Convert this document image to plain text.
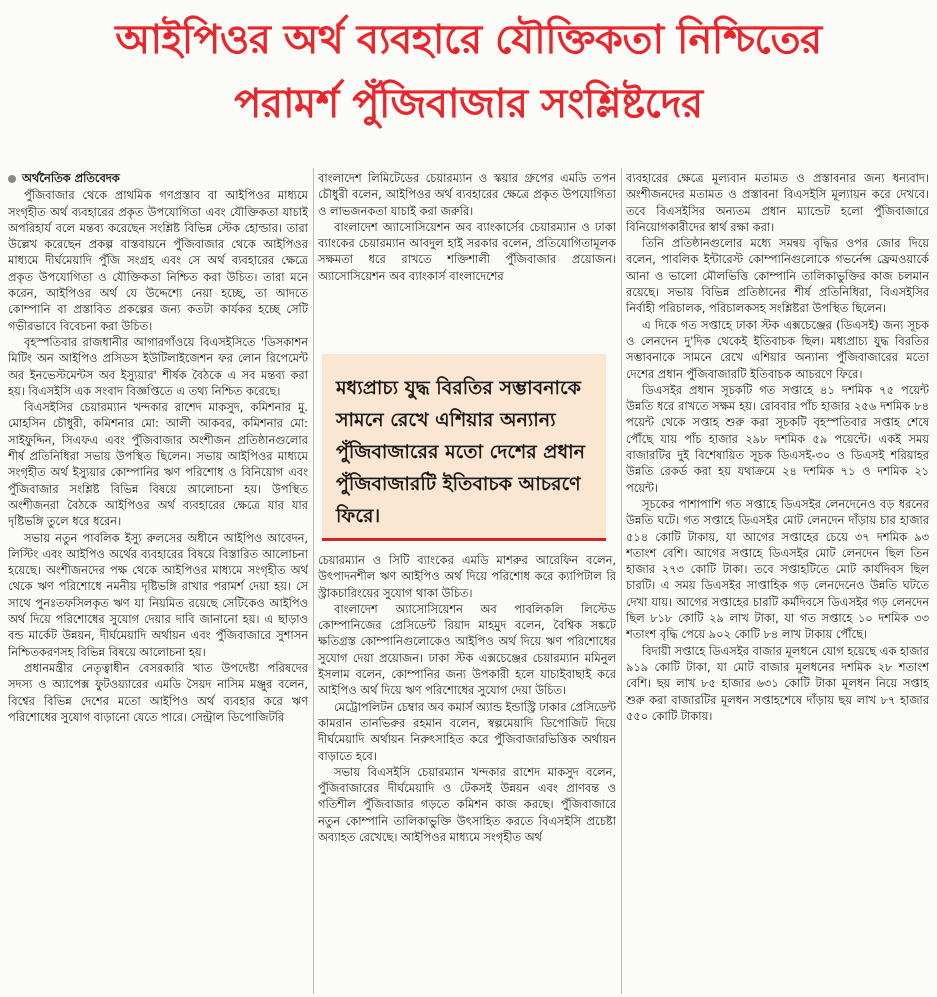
আইপিওর অর্থ ব্যবহারে যৌক্তিকতা নিশ্চিতের
পরামর্শ পুঁজিবাজার সংশ্লিষ্টদের
অর্থনৈতিক প্রতিবেদক

পুঁজিবাজার থেকে প্রাথমিক গণপ্রস্তাব বা আইপিওর মাধ্যমে সংগৃহীত অর্থ ব্যবহারের প্রকৃত উপযোগিতা এবং যৌক্তিকতা যাচাই অপরিহার্য বলে মন্তব্য করেছেন সংশ্লিষ্ট বিভিন্ন স্টেক হোল্ডার। তারা উল্লেখ করেছেন প্রকল্প বাস্তবায়নে পুঁজিবাজার থেকে আইপিওর মাধ্যমে দীর্ঘমেয়াদি পুঁজি সংগ্রহ এবং সে অর্থ ব্যবহারের ক্ষেত্রে প্রকৃত উপযোগিতা ও যৌক্তিকতা নিশ্চিত করা উচিত। তারা মনে করেন, আইপিওর অর্থ যে উদ্দেশ্যে নেয়া হচ্ছে, তা আদতে কোম্পানি বা প্রস্তাবিত প্রকল্পের জন্য কতটা কার্যকর হচ্ছে সেটি গভীরভাবে বিবেচনা করা উচিত।

বৃহস্পতিবার রাজধানীর আগারগাঁওয়ে বিএসইসিতে 'ডিসকাশন মিটিং অন আইপিও প্রসিডস ইউটিলাইজেশন ফর লোন রিপেমেন্ট অর ইনভেস্টমেন্টস অব ইস্যুয়ার' শীর্ষক বৈঠকে এ সব মন্তব্য করা হয়। বিএসইসি এক সংবাদ বিজ্ঞপ্তিতে এ তথ্য নিশ্চিত করেছে।

বিএসইসির চেয়ারম্যান খন্দকার রাশেদ মাকসুদ, কমিশনার মু. মোহসিন চৌধুরী, কমিশনার মো: আলী আকবর, কমিশনার মো: সাইফুদ্দিন, সিএফএ এবং পুঁজিবাজার অংশীজন প্রতিষ্ঠানগুলোর শীর্ষ প্রতিনিধিরা সভায় উপস্থিত ছিলেন। সভায় আইপিওর মাধ্যমে সংগৃহীত অর্থ ইস্যুয়ার কোম্পানির ঋণ পরিশোধ ও বিনিয়োগ এবং পুঁজিবাজার সংশ্লিষ্ট বিভিন্ন বিষয়ে আলোচনা হয়। উপস্থিত অংশীজনরা বৈঠকে আইপিওর অর্থ ব্যবহারের ক্ষেত্রে যার যার দৃষ্টিভঙ্গি তুলে ধরে ধরেন।

সভায় নতুন পাবলিক ইস্যু রুলসের অধীনে আইপিও আবেদন, লিস্টিং এবং আইপিও অর্থের ব্যবহারের বিষয়ে বিস্তারিত আলোচনা হয়েছে। অংশীজনদের পক্ষ থেকে আইপিওর মাধ্যমে সংগৃহীত অর্থ থেকে ঋণ পরিশোধে নমনীয় দৃষ্টিভঙ্গি রাখার পরামর্শ দেয়া হয়। সে সাথে পুনঃতফসিলকৃত ঋণ যা নিয়মিত রয়েছে সেটিকেও আইপিও অর্থ দিয়ে পরিশোধের সুযোগ দেয়ার দাবি জানানো হয়। এ ছাড়াও বন্ড মার্কেট উন্নয়ন, দীর্ঘমেয়াদি অর্থায়ন এবং পুঁজিবাজারে সুশাসন নিশ্চিতকরণসহ বিভিন্ন বিষয়ে আলোচনা হয়।

প্রধানমন্ত্রীর নেতৃত্বাধীন বেসরকারি খাত উপদেষ্টা পরিষদের সদস্য ও অ্যাপেক্স ফুটওয়্যারের এমডি সৈয়দ নাসিম মঞ্জুর বলেন, বিশ্বের বিভিন্ন দেশের মতো আইপিও অর্থ ব্যবহার করে ঋণ পরিশোধের সুযোগ বাড়ানো যেতে পারে। সেন্ট্রাল ডিপোজিটরি

বাংলাদেশ লিমিটেডের চেয়ারম্যান ও স্কয়ার গ্রুপের এমডি তপন চৌধুরী বলেন, আইপিওর অর্থ ব্যবহারের ক্ষেত্রে প্রকৃত উপযোগিতা ও লাভজনকতা যাচাই করা জরুরি।

বাংলাদেশ অ্যাসোসিয়েশন অব ব্যাংকার্সের চেয়ারম্যান ও ঢাকা ব্যাংকের চেয়ারম্যান আবদুল হাই সরকার বলেন, প্রতিযোগিতামূলক সক্ষমতা ধরে রাখতে শক্তিশালী পুঁজিবাজার প্রয়োজন। অ্যাসোসিয়েশন অব ব্যাংকার্স বাংলাদেশের

মধ্যপ্রাচ্য যুদ্ধ বিরতির সম্ভাবনাকে সামনে রেখে এশিয়ার অন্যান্য পুঁজিবাজারের মতো দেশের প্রধান পুঁজিবাজারটি ইতিবাচক আচরণে ফিরে।

চেয়ারম্যান ও সিটি ব্যাংকের এমডি মাশরুর আরেফিন বলেন, উৎপাদনশীল ঋণ আইপিও অর্থ দিয়ে পরিশোধ করে ক্যাপিটাল রি স্ট্রাকচারিংয়ের সুযোগ থাকা উচিত।

বাংলাদেশ অ্যাসোসিয়েশন অব পাবলিকলি লিস্টেড কোম্পানিজের প্রেসিডেন্ট রিয়াদ মাহমুদ বলেন, বৈশ্বিক সঙ্কটে ক্ষতিগ্রস্ত কোম্পানিগুলোকেও আইপিও অর্থ দিয়ে ঋণ পরিশোধের সুযোগ দেয়া প্রয়োজন। ঢাকা স্টক এক্সচেঞ্জের চেয়ারম্যান মমিনুল ইসলাম বলেন, কোম্পানির জন্য উপকারী হলে যাচাইবাছাই করে আইপিও অর্থ দিয়ে ঋণ পরিশোধের সুযোগ দেয়া উচিত।

মেট্রোপলিটন চেম্বার অব কমার্স অ্যান্ড ইন্ডাস্ট্রি ঢাকার প্রেসিডেন্ট কামরান তানভিরুর রহমান বলেন, স্বল্পমেয়াদি ডিপোজিট দিয়ে দীর্ঘমেয়াদি অর্থায়ন নিরুৎসাহিত করে পুঁজিবাজারভিত্তিক অর্থায়ন বাড়াতে হবে।

সভায় বিএসইসি চেয়ারম্যান খন্দকার রাশেদ মাকসুদ বলেন, পুঁজিবাজারের দীর্ঘমেয়াদি ও টেকসই উন্নয়ন এবং প্রাণবন্ত ও গতিশীল পুঁজিবাজার গড়তে কমিশন কাজ করছে। পুঁজিবাজারে নতুন কোম্পানি তালিকাভুক্তি উৎসাহিত করতে বিএসইসি প্রচেষ্টা অব্যাহত রেখেছে। আইপিওর মাধ্যমে সংগৃহীত অর্থ

ব্যবহারের ক্ষেত্রে মূল্যবান মতামত ও প্রস্তাবনার জন্য ধন্যবাদ। অংশীজনদের মতামত ও প্রস্তাবনা বিএসইসি মূল্যায়ন করে দেখবে। তবে বিএসইসির অন্যতম প্রধান ম্যান্ডেট হলো পুঁজিবাজারে বিনিয়োগকারীদের স্বার্থ রক্ষা করা।

তিনি প্রতিষ্ঠানগুলোর মধ্যে সমন্বয় বৃদ্ধির ওপর জোর দিয়ে বলেন, পাবলিক ইন্টারেস্ট কোম্পানিগুলোকে গভর্নেন্স ফ্রেমওয়ার্কে আনা ও ভালো মৌলভিত্তি কোম্পানি তালিকাভুক্তির কাজ চলমান রয়েছে। সভায় বিভিন্ন প্রতিষ্ঠানের শীর্ষ প্রতিনিধিরা, বিএসইসির নির্বাহী পরিচালক, পরিচালকসহ সংশ্লিষ্টরা উপস্থিত ছিলেন।

এ দিকে গত সপ্তাহে ঢাকা স্টক এক্সচেঞ্জের (ডিএসই) জন্য সূচক ও লেনদেন দু'দিক থেকেই ইতিবাচক ছিল। মধ্যপ্রাচ্য যুদ্ধ বিরতির সম্ভাবনাকে সামনে রেখে এশিয়ার অন্যান্য পুঁজিবাজারের মতো দেশের প্রধান পুঁজিবাজারটি ইতিবাচক আচরণে ফিরে।

ডিএসইর প্রধান সূচকটি গত সপ্তাহে ৪১ দশমিক ৭৫ পয়েন্ট উন্নতি ধরে রাখতে সক্ষম হয়। রোববার পাঁচ হাজার ২৫৬ দশমিক ৮৪ পয়েন্ট থেকে সপ্তাহ শুরু করা সূচকটি বৃহস্পতিবার সপ্তাহ শেষে পৌঁছে যায় পাঁচ হাজার ২৯৮ দশমিক ৫৯ পয়েন্টে। একই সময় বাজারটির দুই বিশেষায়িত সূচক ডিএসই-৩০ ও ডিএসই শরিয়াহর উন্নতি রেকর্ড করা হয় যথাক্রমে ২৪ দশমিক ৭১ ও দশমিক ২১ পয়েন্ট।

সূচকের পাশাপাশি গত সপ্তাহে ডিএসইর লেনদেনেও বড় ধরনের উন্নতি ঘটে। গত সপ্তাহে ডিএসইর মোট লেনদেন দাঁড়ায় চার হাজার ৫১৪ কোটি টাকায়, যা আগের সপ্তাহের চেয়ে ৩৭ দশমিক ৯৩ শতাংশ বেশি। আগের সপ্তাহে ডিএসইর মোট লেনদেন ছিল তিন হাজার ২৭৩ কোটি টাকা। তবে সপ্তাহটিতে মোট কার্যদিবস ছিল চারটি। এ সময় ডিএসইর সাপ্তাহিক গড় লেনদেনেও উন্নতি ঘটতে দেখা যায়। আগের সপ্তাহের চারটি কর্মদিবসে ডিএসইর গড় লেনদেন ছিল ৮১৮ কোটি ২৯ লাখ টাকা, যা গত সপ্তাহে ১০ দশমিক ৩৩ শতাংশ বৃদ্ধি পেয়ে ৯০২ কোটি ৮৪ লাখ টাকায় পৌঁছে।

বিদায়ী সপ্তাহে ডিএসইর বাজার মূলধনে যোগ হয়েছে এক হাজার ৯১৯ কোটি টাকা, যা মোট বাজার মূলধনের দশমিক ২৮ শতাংশ বেশি। ছয় লাখ ৮৫ হাজার ৬৩১ কোটি টাকা মূলধন নিয়ে সপ্তাহ শুরু করা বাজারটির মূলধন সপ্তাহশেষে দাঁড়ায় ছয় লাখ ৮৭ হাজার ৫৫০ কোটি টাকায়।
